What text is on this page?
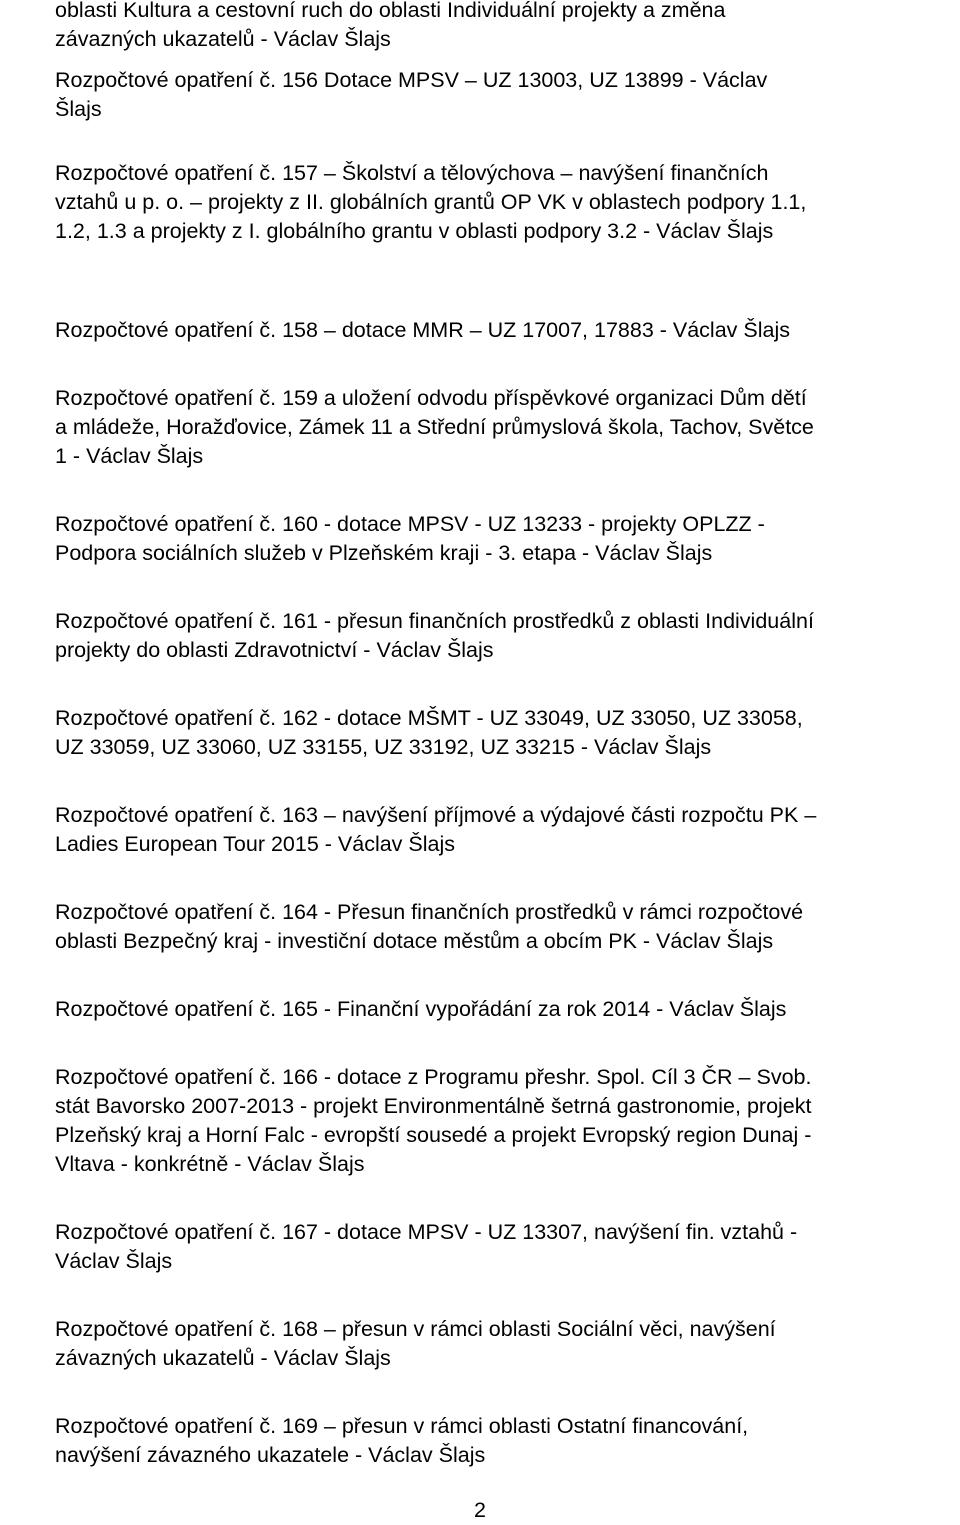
oblasti Kultura a cestovní ruch do oblasti Individuální projekty a změna
závazných ukazatelů - Václav Šlajs
Rozpočtové opatření č. 156 Dotace MPSV – UZ 13003, UZ 13899 - Václav
Šlajs
Rozpočtové opatření č. 157 – Školství a tělovýchova – navýšení finančních
vztahů u p. o. – projekty z II. globálních grantů OP VK v oblastech podpory 1.1,
1.2, 1.3 a projekty z I. globálního grantu v oblasti podpory 3.2 - Václav Šlajs
Rozpočtové opatření č. 158 – dotace MMR – UZ 17007, 17883 - Václav Šlajs
Rozpočtové opatření č. 159 a uložení odvodu příspěvkové organizaci Dům dětí
a mládeže, Horažďovice, Zámek 11 a Střední průmyslová škola, Tachov, Světce
1 - Václav Šlajs
Rozpočtové opatření č. 160 - dotace MPSV - UZ 13233 - projekty OPLZZ -
Podpora sociálních služeb v Plzeňském kraji - 3. etapa - Václav Šlajs
Rozpočtové opatření č. 161 - přesun finančních prostředků z oblasti Individuální
projekty do oblasti Zdravotnictví - Václav Šlajs
Rozpočtové opatření č. 162 - dotace MŠMT - UZ 33049, UZ 33050, UZ 33058,
UZ 33059, UZ 33060, UZ 33155, UZ 33192, UZ 33215 - Václav Šlajs
Rozpočtové opatření č. 163 – navýšení příjmové a výdajové části rozpočtu PK –
Ladies European Tour 2015 - Václav Šlajs
Rozpočtové opatření č. 164 - Přesun finančních prostředků v rámci rozpočtové
oblasti Bezpečný kraj - investiční dotace městům a obcím PK - Václav Šlajs
Rozpočtové opatření č. 165 - Finanční vypořádání za rok 2014 - Václav Šlajs
Rozpočtové opatření č. 166 - dotace z Programu přeshr. Spol. Cíl 3 ČR – Svob.
stát Bavorsko 2007-2013 - projekt Environmentálně šetrná gastronomie, projekt
Plzeňský kraj a Horní Falc - evropští sousedé a projekt Evropský region Dunaj -
Vltava - konkrétně - Václav Šlajs
Rozpočtové opatření č. 167 - dotace MPSV - UZ 13307, navýšení fin. vztahů -
Václav Šlajs
Rozpočtové opatření č. 168 – přesun v rámci oblasti Sociální věci, navýšení
závazných ukazatelů - Václav Šlajs
Rozpočtové opatření č. 169 – přesun v rámci oblasti Ostatní financování,
navýšení závazného ukazatele - Václav Šlajs
2
